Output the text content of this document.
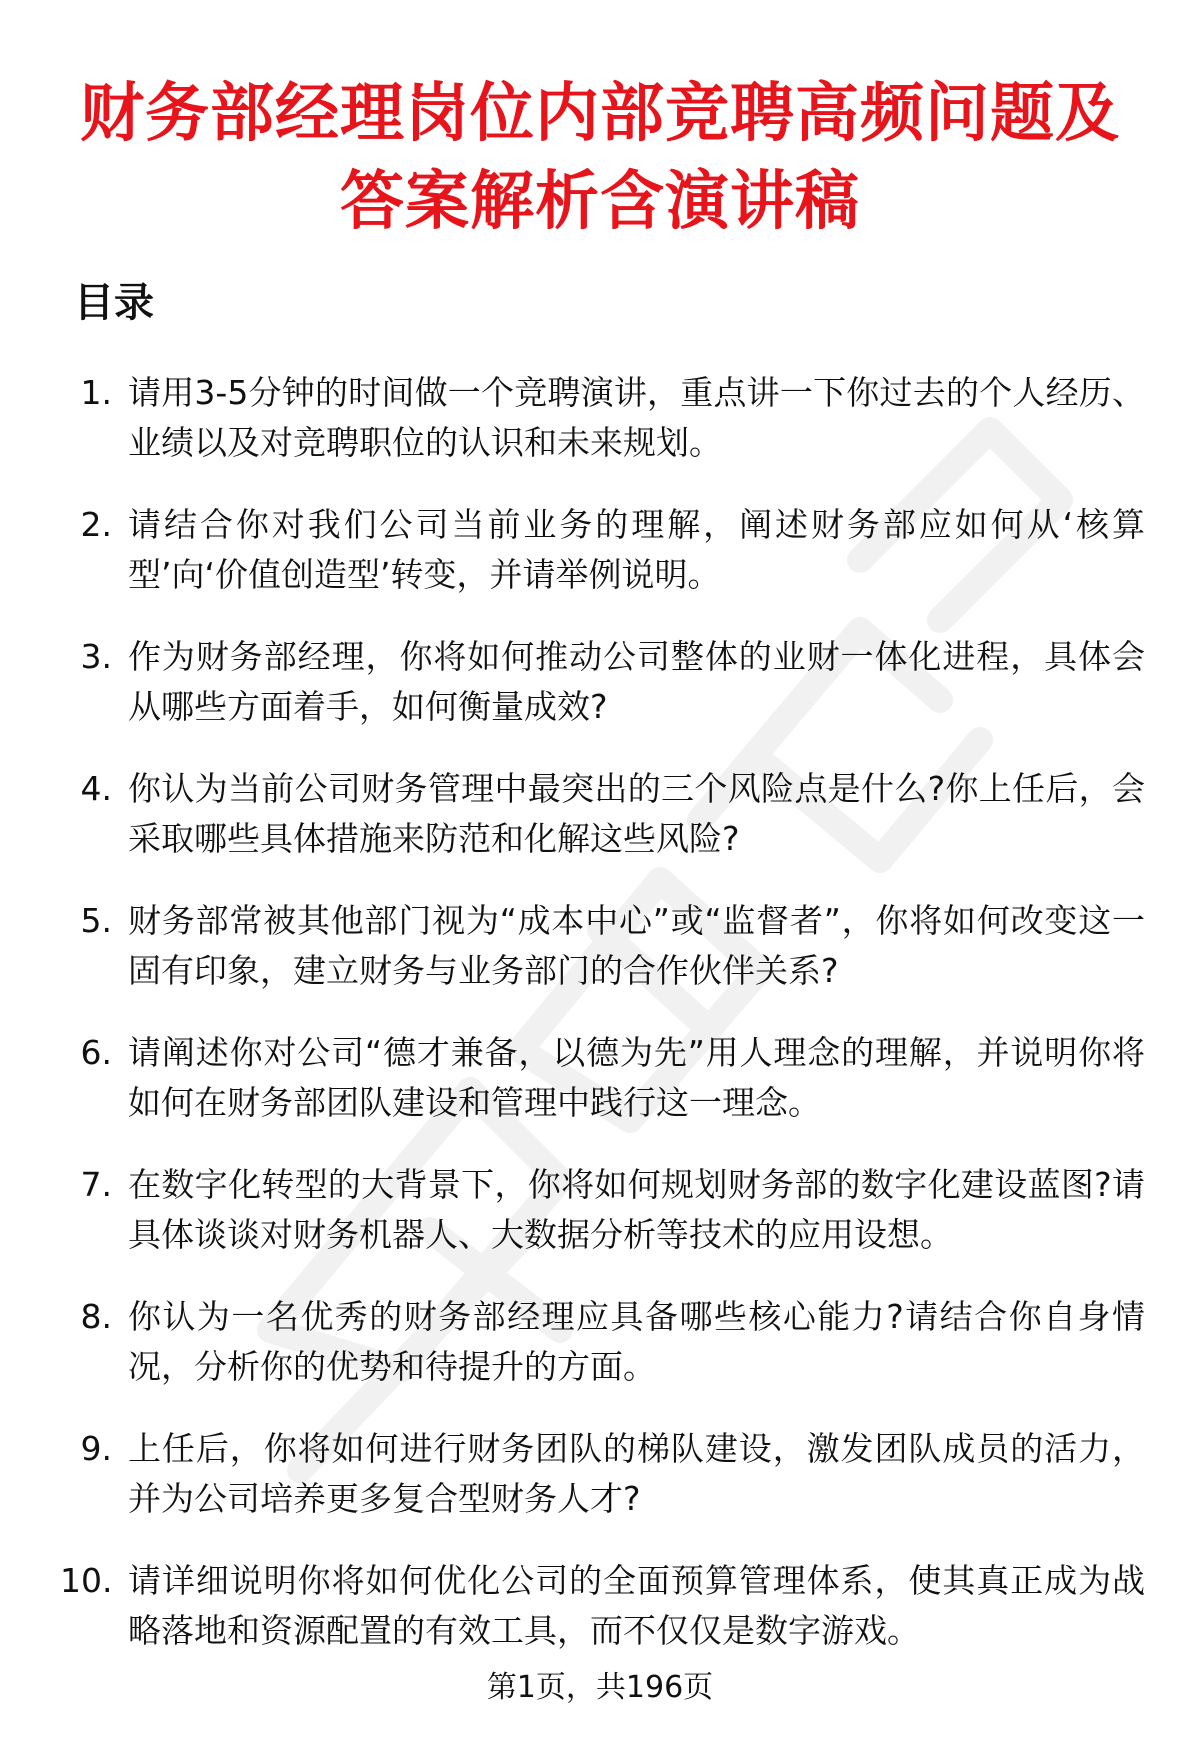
财务部经理岗位内部竞聘高频问题及答案解析含演讲稿
目录
1. 请用3-5分钟的时间做一个竞聘演讲，重点讲一下你过去的个人经历、业绩以及对竞聘职位的认识和未来规划。
2. 请结合你对我们公司当前业务的理解，阐述财务部应如何从‘核算型’向‘价值创造型’转变，并请举例说明。
3. 作为财务部经理，你将如何推动公司整体的业财一体化进程，具体会从哪些方面着手，如何衡量成效?
4. 你认为当前公司财务管理中最突出的三个风险点是什么?你上任后，会采取哪些具体措施来防范和化解这些风险?
5. 财务部常被其他部门视为“成本中心”或“监督者”，你将如何改变这一固有印象，建立财务与业务部门的合作伙伴关系?
6. 请阐述你对公司“德才兼备，以德为先”用人理念的理解，并说明你将如何在财务部团队建设和管理中践行这一理念。
7. 在数字化转型的大背景下，你将如何规划财务部的数字化建设蓝图?请具体谈谈对财务机器人、大数据分析等技术的应用设想。
8. 你认为一名优秀的财务部经理应具备哪些核心能力?请结合你自身情况，分析你的优势和待提升的方面。
9. 上任后，你将如何进行财务团队的梯队建设，激发团队成员的活力，并为公司培养更多复合型财务人才?
10. 请详细说明你将如何优化公司的全面预算管理体系，使其真正成为战略落地和资源配置的有效工具，而不仅仅是数字游戏。
第1页，共196页
